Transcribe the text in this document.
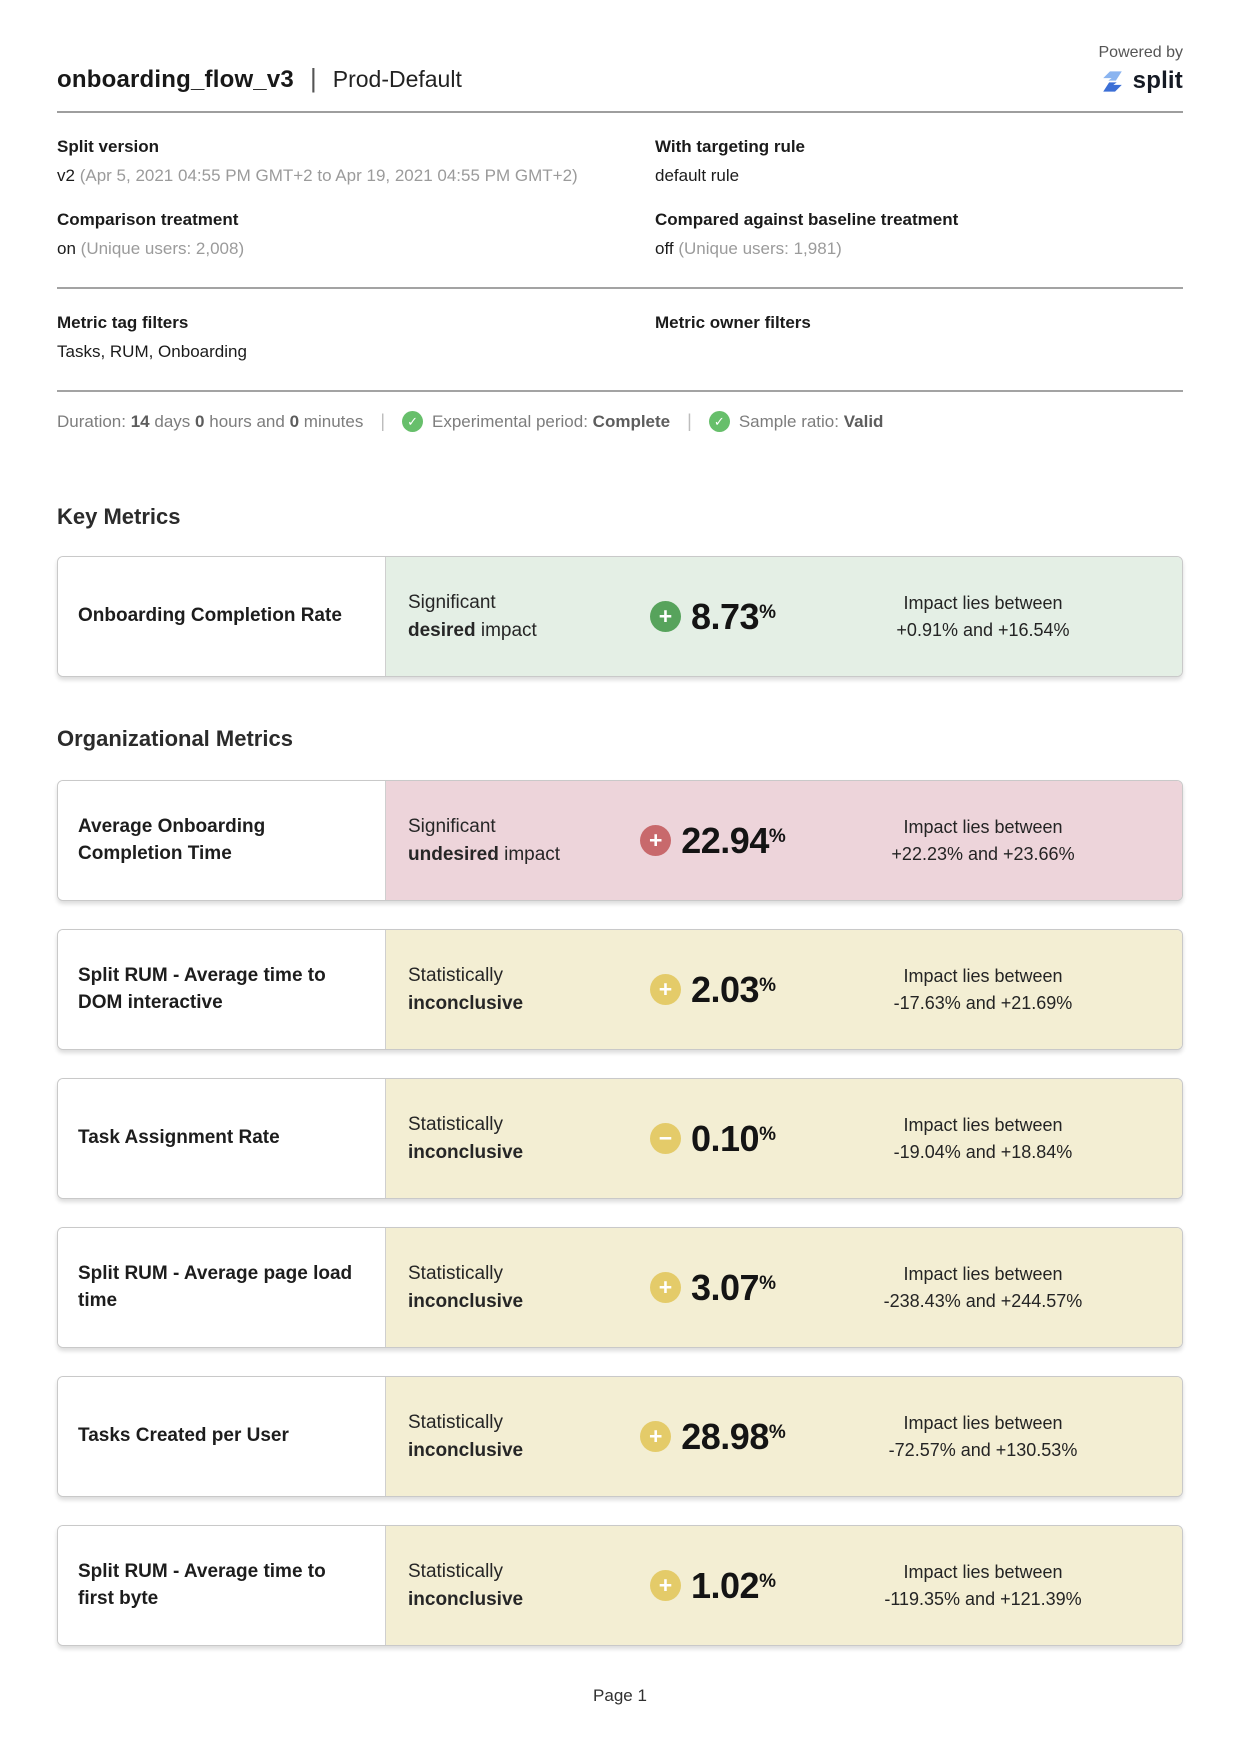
onboarding_flow_v3 | Prod-Default
Powered by
split
Split version
v2 (Apr 5, 2021 04:55 PM GMT+2 to Apr 19, 2021 04:55 PM GMT+2)
With targeting rule
default rule
Comparison treatment
on (Unique users: 2,008)
Compared against baseline treatment
off (Unique users: 1,981)
Metric tag filters
Tasks, RUM, Onboarding
Metric owner filters
Duration:
14
days
0
hours and
0
minutes |	✓ Experimental period:
Complete |	✓ Sample ratio:
Valid
Key Metrics
Onboarding Completion Rate
Significant
desired impact
+ 8.73 %	Impact lies between
+0.91% and +16.54%
Organizational Metrics
Average Onboarding Completion Time
Significant
undesired impact
+ 22.94 %	Impact lies between
+22.23% and +23.66%
Split RUM - Average time to DOM interactive
Statistically
inconclusive
+ 2.03 %	Impact lies between
-17.63% and +21.69%
Task Assignment Rate
Statistically
inconclusive
− 0.10 %	Impact lies between
-19.04% and +18.84%
Split RUM - Average page load time
Statistically
inconclusive
+ 3.07 %	Impact lies between
-238.43% and +244.57%
Tasks Created per User
Statistically
inconclusive
+ 28.98 %	Impact lies between
-72.57% and +130.53%
Split RUM - Average time to first byte
Statistically
inconclusive
+ 1.02 %	Impact lies between
-119.35% and +121.39%
Page 1
